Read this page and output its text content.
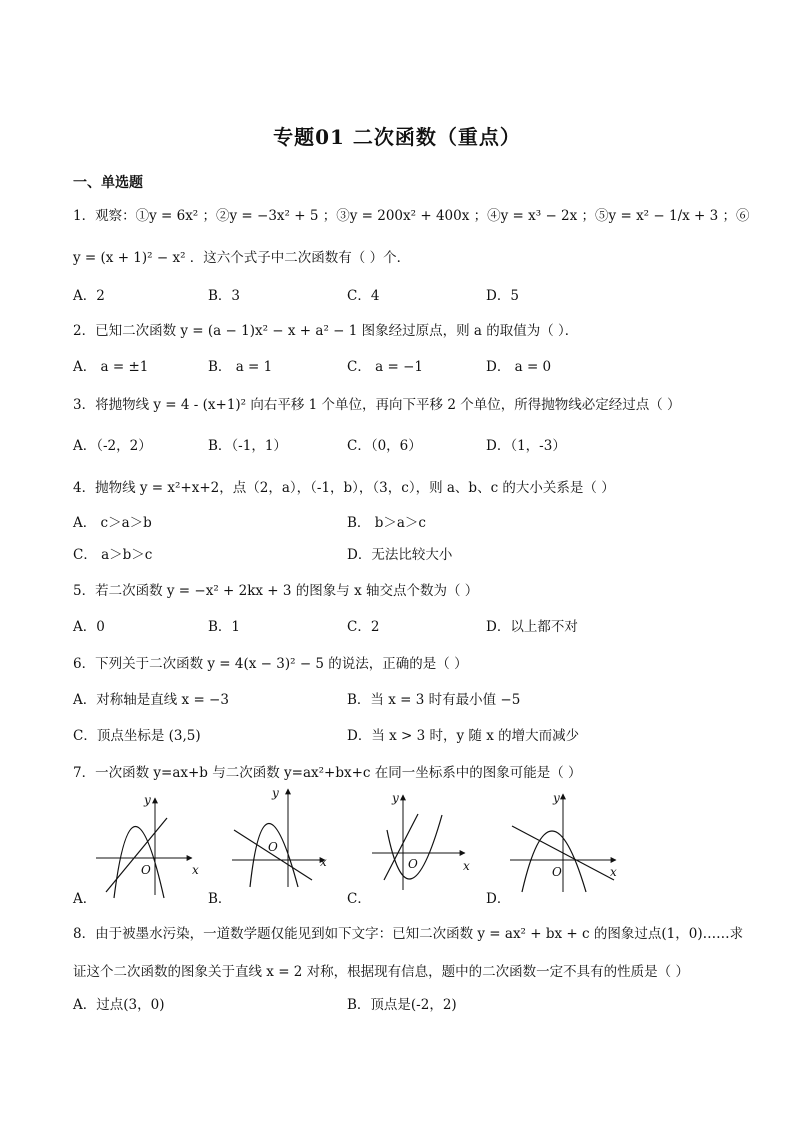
专题01 二次函数（重点）
一、单选题
1．观察：①y = 6x² ；②y = −3x² + 5 ；③y = 200x² + 400x ；④y = x³ − 2x ；⑤y = x² − 1/x + 3 ；⑥
y = (x + 1)² − x² ．这六个式子中二次函数有（ ）个．
A．2	B．3	C．4	D．5
2．已知二次函数 y = (a − 1)x² − x + a² − 1 图象经过原点，则 a 的取值为（ ）．
A． a = ±1	B． a = 1	C． a = −1	D． a = 0
3．将抛物线 y = 4 - (x+1)² 向右平移 1 个单位，再向下平移 2 个单位，所得抛物线必定经过点（ ）
A．（-2，2）	B．（-1，1）	C．（0，6）	D．（1，-3）
4．抛物线 y = x²+x+2，点（2，a），（-1，b），（3，c），则 a、b、c 的大小关系是（ ）
A． c＞a＞b	B． b＞a＞c
C． a＞b＞c	D．无法比较大小
5．若二次函数 y = −x² + 2kx + 3 的图象与 x 轴交点个数为（ ）
A．0	B．1	C．2	D．以上都不对
6．下列关于二次函数 y = 4(x − 3)² − 5 的说法，正确的是（ ）
A．对称轴是直线 x = −3	B．当 x = 3 时有最小值 −5
C．顶点坐标是 (3,5)	D．当 x > 3 时，y 随 x 的增大而减少
7．一次函数 y=ax+b 与二次函数 y=ax²+bx+c 在同一坐标系中的图象可能是（ ）
O	x
y
A．
O
x
y
B．
O	x
y
C．
O	x
y
D．
8．由于被墨水污染，一道数学题仅能见到如下文字：已知二次函数 y = ax² + bx + c 的图象过点(1，0)……求
证这个二次函数的图象关于直线 x = 2 对称，根据现有信息，题中的二次函数一定不具有的性质是（ ）
A．过点(3，0)	B．顶点是(-2，2)
